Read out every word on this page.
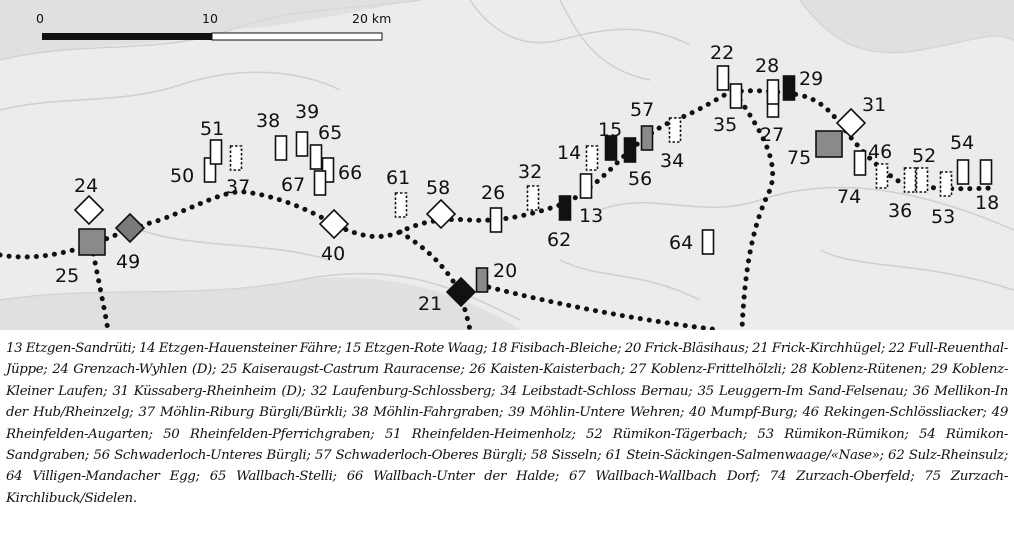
0	10	20 km
13
14
15
18
20
21
22
24
25
26
27
28
29
31
32	34
35
36
37
38 39
40
46
49
50
51
52
53
54
56
57
58
61
62	64
65
66
67
74
75
13 Etzgen-Sandrüti; 14 Etzgen-Hauensteiner Fähre; 15 Etzgen-Rote Waag; 18 Fisibach-Bleiche; 20 Frick-Bläsihaus; 21 Frick-Kirchhügel; 22 Full-Reuenthal-Jüppe; 24 Grenzach-Wyhlen (D); 25 Kaiseraugst-Castrum Rauracense; 26 Kaisten-Kaisterbach; 27 Koblenz-Frittelhölzli; 28 Koblenz-Rütenen; 29 Koblenz-Kleiner Laufen; 31 Küssaberg-Rheinheim (D); 32 Laufenburg-Schlossberg; 34 Leibstadt-Schloss Bernau; 35 Leuggern-Im Sand-Felsenau; 36 Mellikon-In der Hub/Rheinzelg; 37 Möhlin-Riburg Bürgli/Bürkli; 38 Möhlin-Fahrgraben; 39 Möhlin-Untere Wehren; 40 Mumpf-Burg; 46 Rekingen-Schlössliacker; 49 Rheinfelden-Augarten; 50 Rheinfelden-Pferrichgraben; 51 Rheinfelden-Heimenholz; 52 Rümikon-Tägerbach; 53 Rümikon-Rümikon; 54 Rümikon-Sandgraben; 56 Schwaderloch-Unteres Bürgli; 57 Schwaderloch-Oberes Bürgli; 58 Sisseln; 61 Stein-Säckingen-Salmenwaage/«Nase»; 62 Sulz-Rheinsulz; 64 Villigen-Mandacher Egg; 65 Wallbach-Stelli; 66 Wallbach-Unter der Halde; 67 Wallbach-Wallbach Dorf; 74 Zurzach-Oberfeld; 75 Zurzach-Kirchlibuck/Sidelen.
